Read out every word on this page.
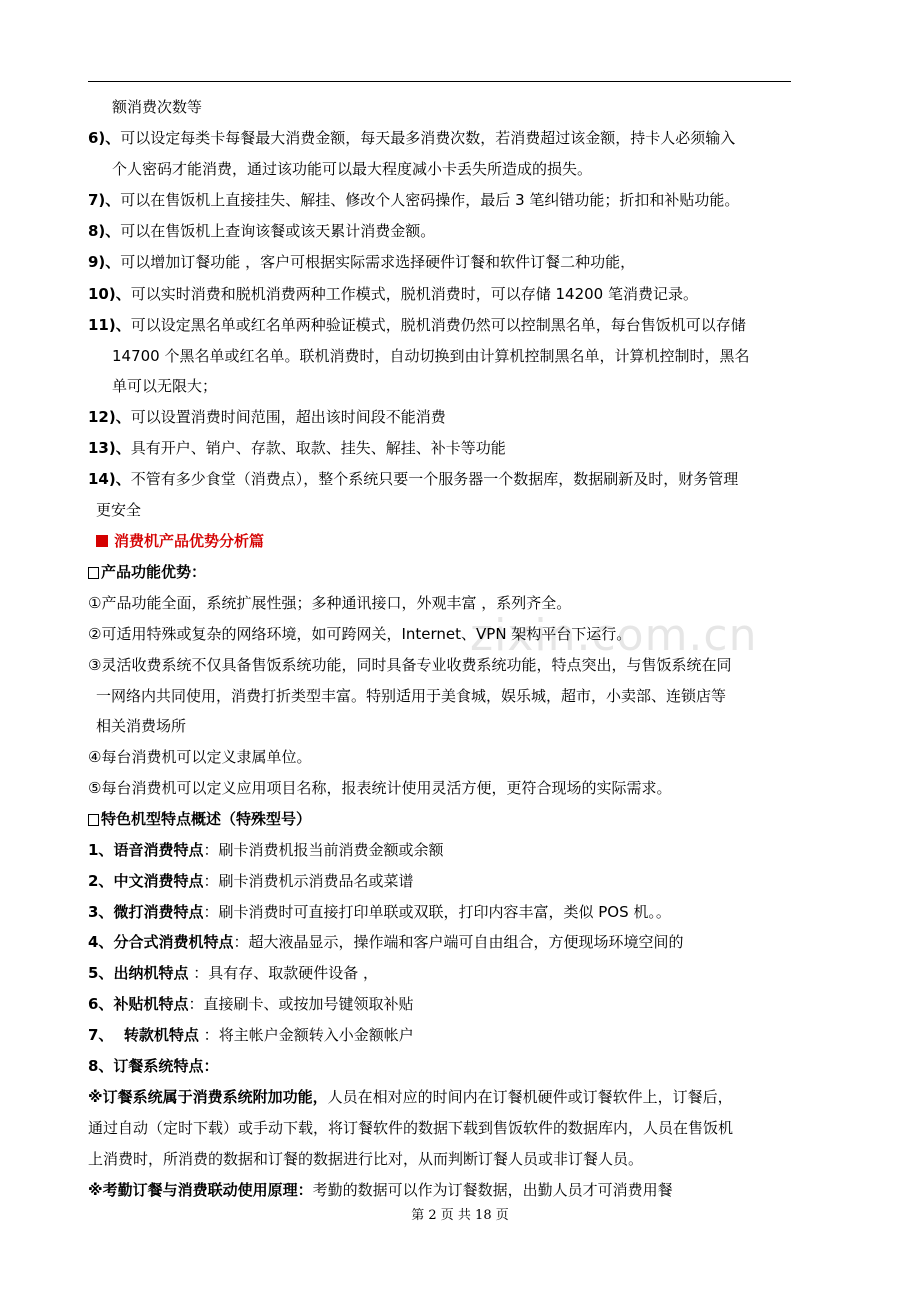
zixin.com.cn
额消费次数等
6)、可以设定每类卡每餐最大消费金额，每天最多消费次数，若消费超过该金额，持卡人必须输入
个人密码才能消费，通过该功能可以最大程度减小卡丢失所造成的损失。
7)、可以在售饭机上直接挂失、解挂、修改个人密码操作，最后 3 笔纠错功能；折扣和补贴功能。
8)、可以在售饭机上查询该餐或该天累计消费金额。
9)、可以增加订餐功能 ，客户可根据实际需求选择硬件订餐和软件订餐二种功能，
10)、可以实时消费和脱机消费两种工作模式，脱机消费时，可以存储 14200 笔消费记录。
11)、可以设定黑名单或红名单两种验证模式，脱机消费仍然可以控制黑名单，每台售饭机可以存储
14700 个黑名单或红名单。联机消费时，自动切换到由计算机控制黑名单，计算机控制时，黑名
单可以无限大；
12)、可以设置消费时间范围，超出该时间段不能消费
13)、具有开户、销户、存款、取款、挂失、解挂、补卡等功能
14)、不管有多少食堂（消费点），整个系统只要一个服务器一个数据库，数据刷新及时，财务管理
更安全
消费机产品优势分析篇
产品功能优势：
①产品功能全面，系统扩展性强；多种通讯接口，外观丰富 ，系列齐全。
②可适用特殊或复杂的网络环境，如可跨网关，Internet、VPN 架构平台下运行。
③灵活收费系统不仅具备售饭系统功能，同时具备专业收费系统功能，特点突出，与售饭系统在同
一网络内共同使用，消费打折类型丰富。特别适用于美食城，娱乐城，超市，小卖部、连锁店等
相关消费场所
④每台消费机可以定义隶属单位。
⑤每台消费机可以定义应用项目名称，报表统计使用灵活方便，更符合现场的实际需求。
特色机型特点概述（特殊型号）
1、语音消费特点：刷卡消费机报当前消费金额或余额
2、中文消费特点：刷卡消费机示消费品名或菜谱
3、微打消费特点：刷卡消费时可直接打印单联或双联，打印内容丰富，类似 POS 机。。
4、分合式消费机特点：超大液晶显示，操作端和客户端可自由组合，方便现场环境空间的
5、出纳机特点 ：具有存、取款硬件设备 ，
6、补贴机特点：直接刷卡、或按加号键领取补贴
7、  转款机特点 ：将主帐户金额转入小金额帐户
8、订餐系统特点：
※订餐系统属于消费系统附加功能，人员在相对应的时间内在订餐机硬件或订餐软件上，订餐后，
通过自动（定时下载）或手动下载，将订餐软件的数据下载到售饭软件的数据库内，人员在售饭机
上消费时，所消费的数据和订餐的数据进行比对，从而判断订餐人员或非订餐人员。
※考勤订餐与消费联动使用原理：考勤的数据可以作为订餐数据，出勤人员才可消费用餐
第 2 页 共 18 页
